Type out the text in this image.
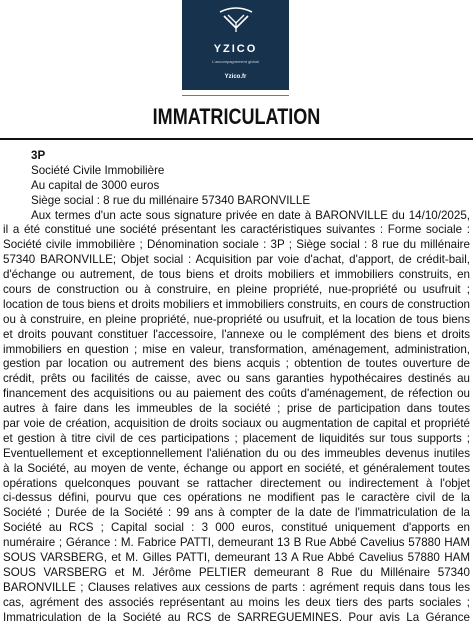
YZICO
L'accompagnement global
Yzico.fr
IMMATRICULATION
3P
Société Civile Immobilière
Au capital de 3000 euros
Siège social : 8 rue du millénaire 57340 BARONVILLE
Aux termes d'un acte sous signature privée en date à BARONVILLE du 14/10/2025,
il a été constitué une société présentant les caractéristiques suivantes : Forme sociale :
Société civile immobilière ; Dénomination sociale : 3P ; Siège social : 8 rue du millénaire
57340 BARONVILLE; Objet social : Acquisition par voie d'achat, d'apport, de crédit-bail,
d'échange ou autrement, de tous biens et droits mobiliers et immobiliers construits, en
cours de construction ou à construire, en pleine propriété, nue-propriété ou usufruit ;
location de tous biens et droits mobiliers et immobiliers construits, en cours de construction
ou à construire, en pleine propriété, nue-propriété ou usufruit, et la location de tous biens
et droits pouvant constituer l'accessoire, l'annexe ou le complément des biens et droits
immobiliers en question ; mise en valeur, transformation, aménagement, administration,
gestion par location ou autrement des biens acquis ; obtention de toutes ouverture de
crédit, prêts ou facilités de caisse, avec ou sans garanties hypothécaires destinés au
financement des acquisitions ou au paiement des coûts d'aménagement, de réfection ou
autres à faire dans les immeubles de la société ; prise de participation dans toutes
par voie de création, acquisition de droits sociaux ou augmentation de capital et propriété
et gestion à titre civil de ces participations ; placement de liquidités sur tous supports ;
Eventuellement et exceptionnellement l'aliénation du ou des immeubles devenus inutiles
à la Société, au moyen de vente, échange ou apport en société, et généralement toutes
opérations quelconques pouvant se rattacher directement ou indirectement à l'objet
ci-dessus défini, pourvu que ces opérations ne modifient pas le caractère civil de la
Société ; Durée de la Société : 99 ans à compter de la date de l'immatriculation de la
Société au RCS ; Capital social : 3 000 euros, constitué uniquement d'apports en
numéraire ; Gérance : M. Fabrice PATTI, demeurant 13 B Rue Abbé Cavelius 57880 HAM
SOUS VARSBERG, et M. Gilles PATTI, demeurant 13 A Rue Abbé Cavelius 57880 HAM
SOUS VARSBERG et M. Jérôme PELTIER demeurant 8 Rue du Millénaire 57340
BARONVILLE ; Clauses relatives aux cessions de parts : agrément requis dans tous les
cas, agrément des associés représentant au moins les deux tiers des parts sociales ;
Immatriculation de la Société au RCS de SARREGUEMINES. Pour avis La Gérance
